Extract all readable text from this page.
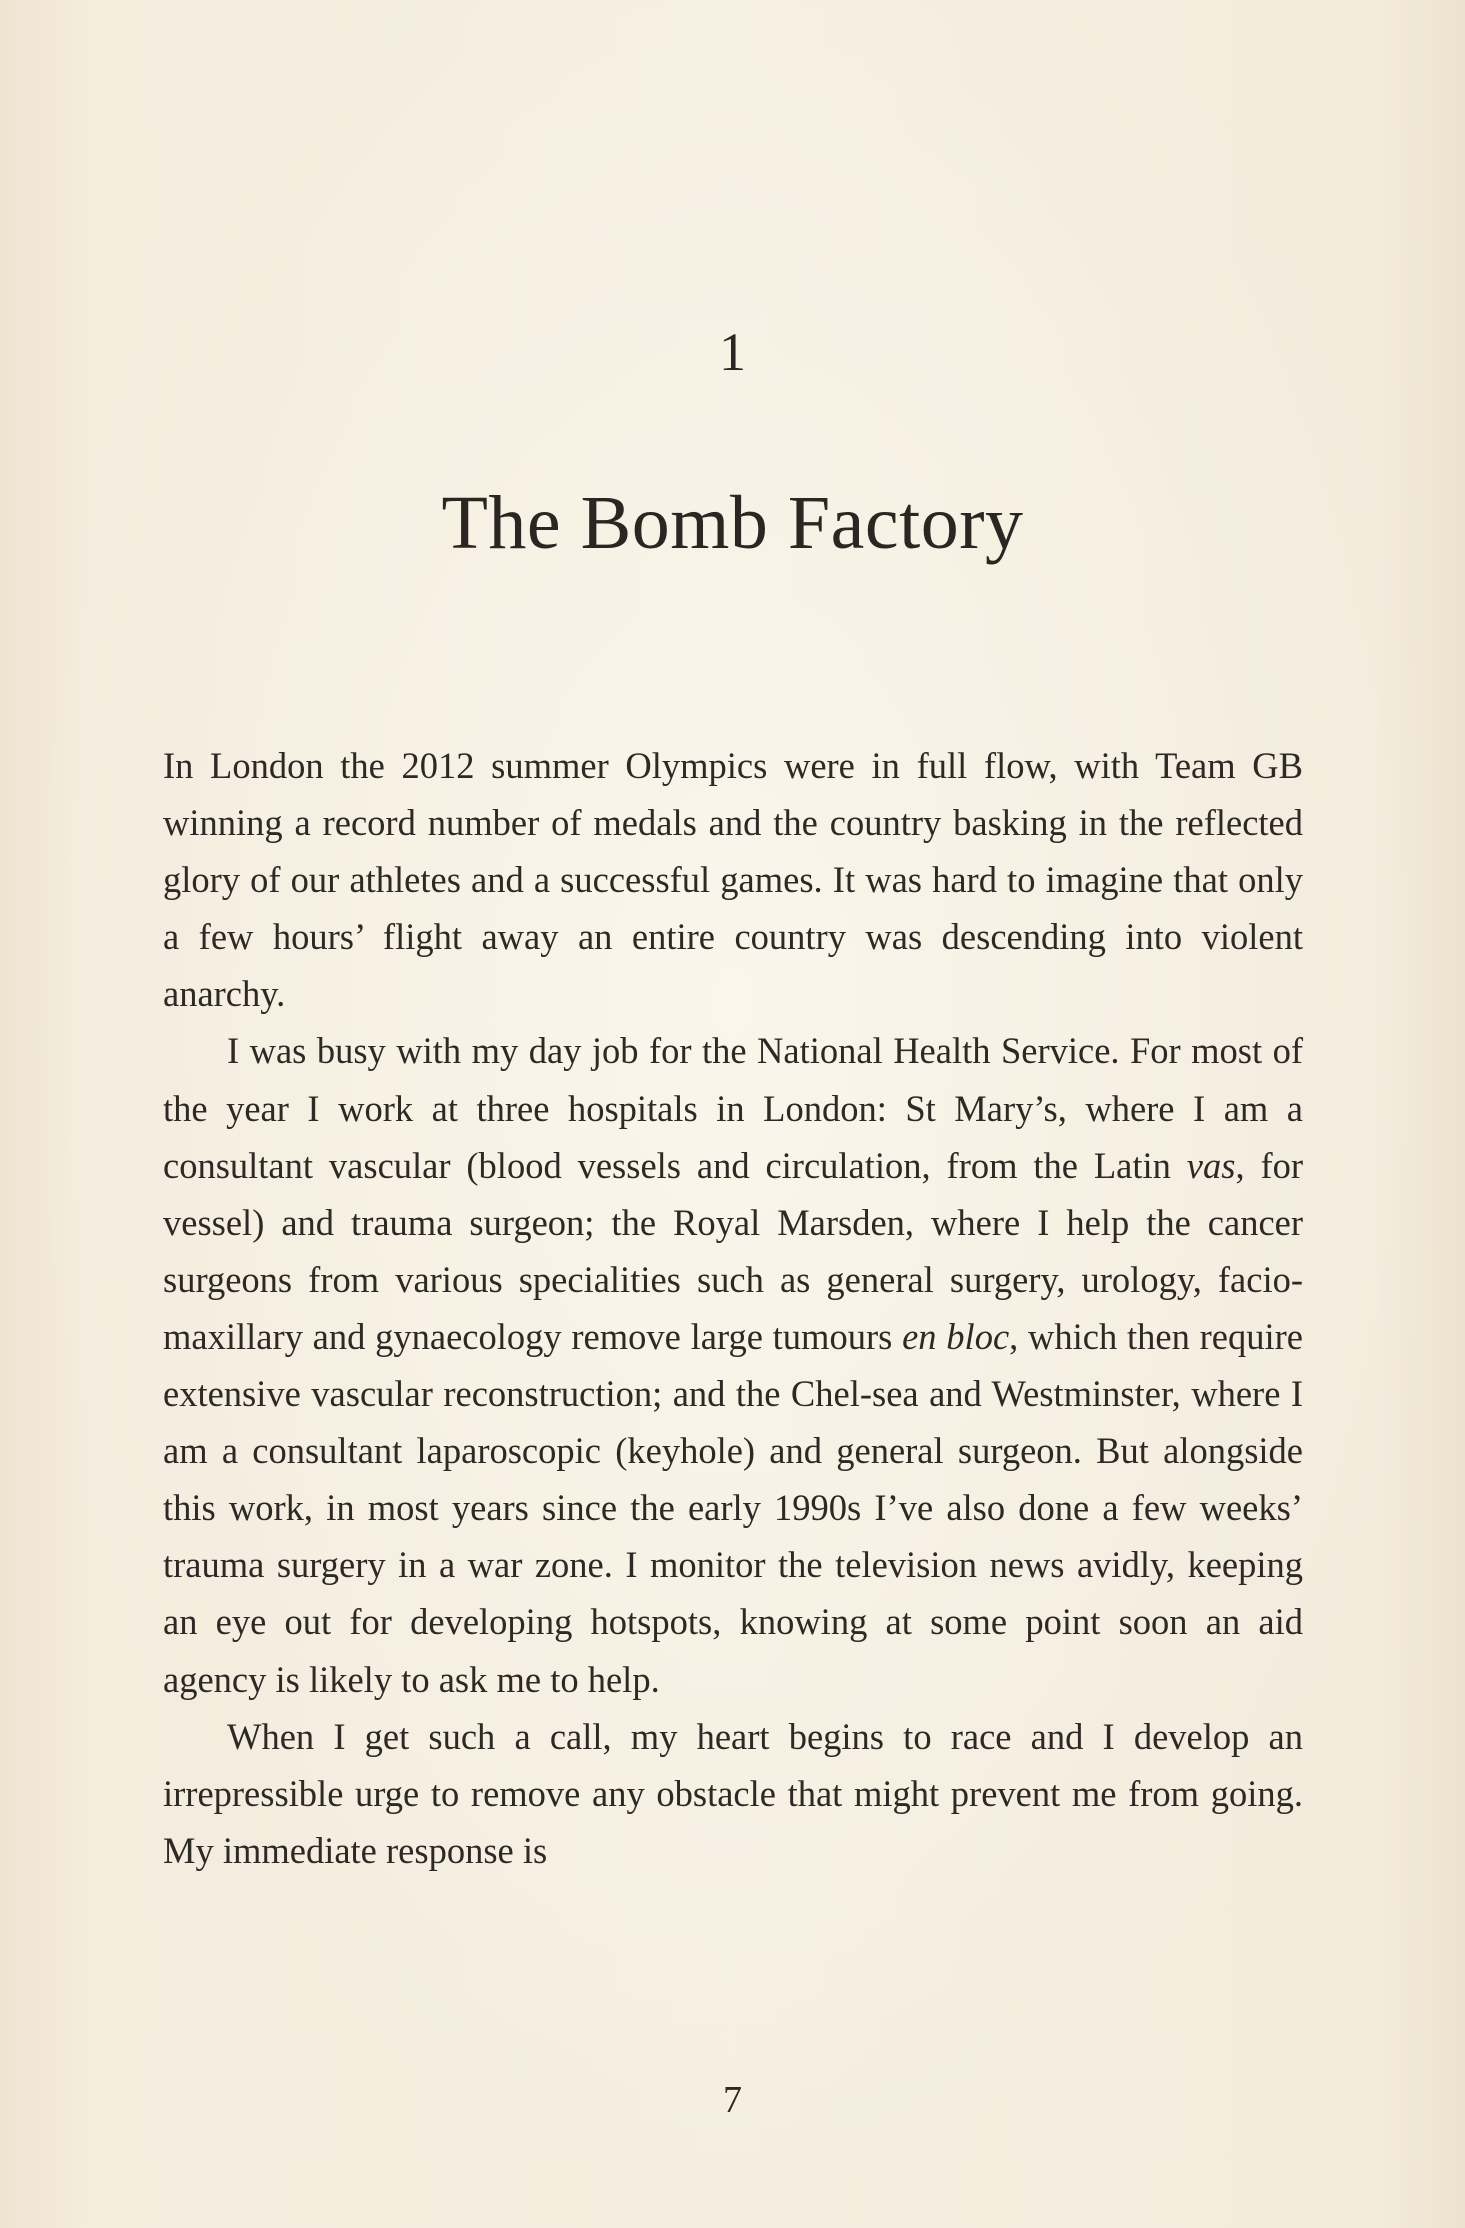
1
The Bomb Factory

In London the 2012 summer Olympics were in full flow, with Team GB winning a record number of medals and the country basking in the reflected glory of our athletes and a successful games. It was hard to imagine that only a few hours’ flight away an entire country was descending into violent anarchy.

I was busy with my day job for the National Health Service. For most of the year I work at three hospitals in London: St Mary’s, where I am a consultant vascular (blood vessels and circulation, from the Latin vas, for vessel) and trauma surgeon; the Royal Marsden, where I help the cancer surgeons from various specialities such as general surgery, urology, facio-maxillary and gynaecology remove large tumours en bloc, which then require extensive vascular reconstruction; and the Chel-sea and Westminster, where I am a consultant laparoscopic (keyhole) and general surgeon. But alongside this work, in most years since the early 1990s I’ve also done a few weeks’ trauma surgery in a war zone. I monitor the television news avidly, keeping an eye out for developing hotspots, knowing at some point soon an aid agency is likely to ask me to help.

When I get such a call, my heart begins to race and I develop an irrepressible urge to remove any obstacle that might prevent me from going. My immediate response is

7
